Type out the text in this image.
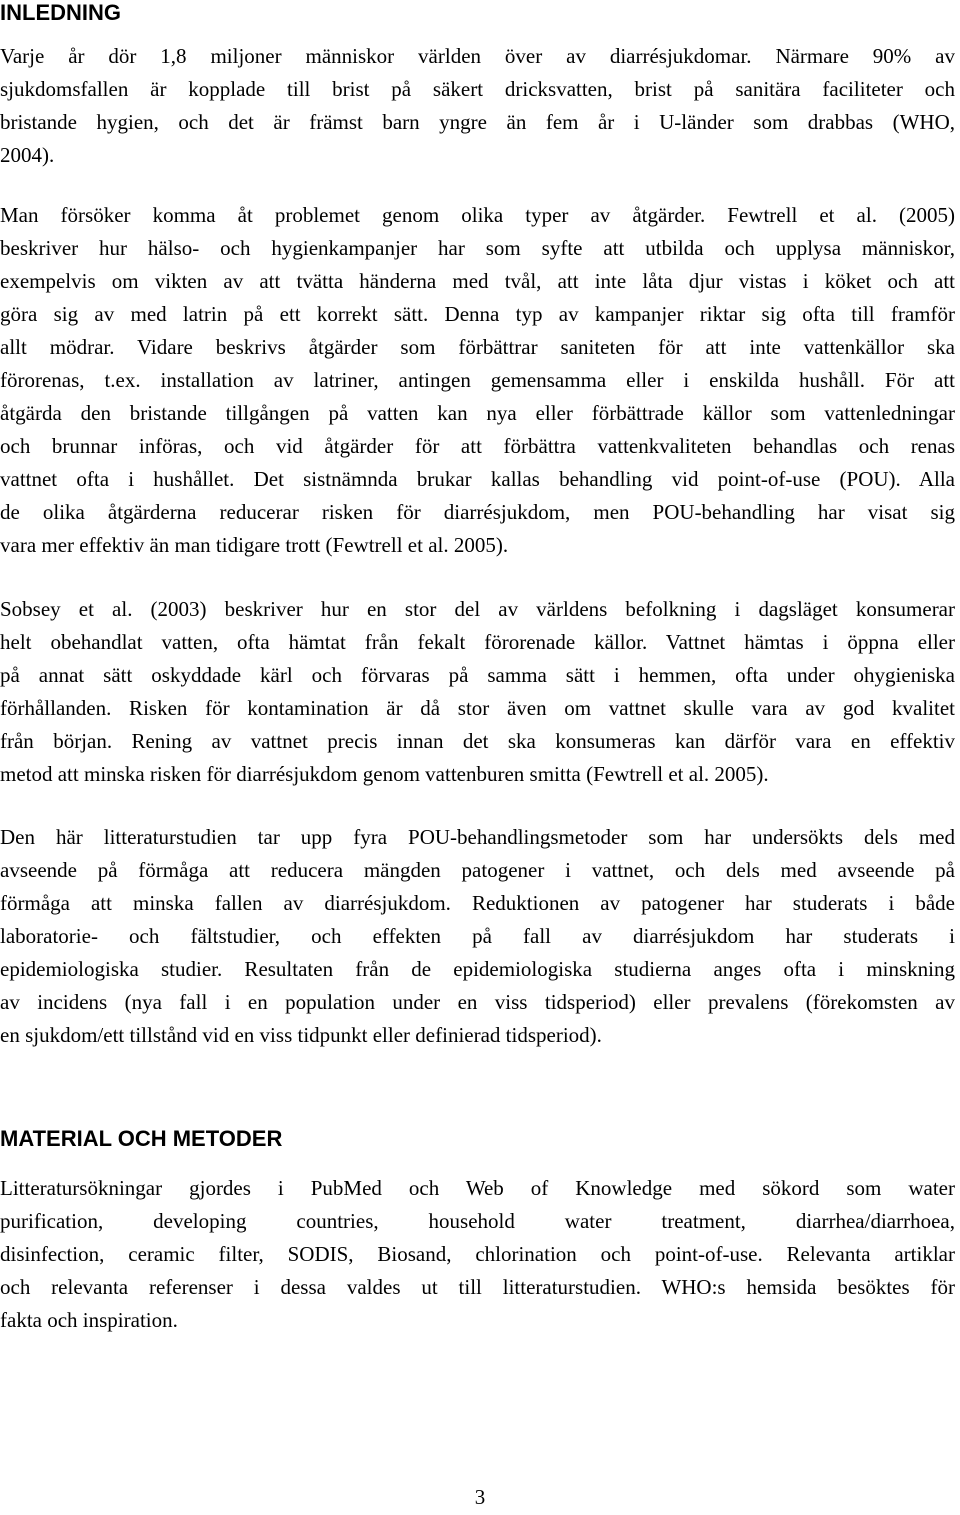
INLEDNING

Varje år dör 1,8 miljoner människor världen över av diarrésjukdomar. Närmare 90% av
sjukdomsfallen är kopplade till brist på säkert dricksvatten, brist på sanitära faciliteter och
bristande hygien, och det är främst barn yngre än fem år i U-länder som drabbas (WHO,
2004).

Man försöker komma åt problemet genom olika typer av åtgärder. Fewtrell et al. (2005)
beskriver hur hälso- och hygienkampanjer har som syfte att utbilda och upplysa människor,
exempelvis om vikten av att tvätta händerna med tvål, att inte låta djur vistas i köket och att
göra sig av med latrin på ett korrekt sätt. Denna typ av kampanjer riktar sig ofta till framför
allt mödrar. Vidare beskrivs åtgärder som förbättrar saniteten för att inte vattenkällor ska
förorenas, t.ex. installation av latriner, antingen gemensamma eller i enskilda hushåll. För att
åtgärda den bristande tillgången på vatten kan nya eller förbättrade källor som vattenledningar
och brunnar införas, och vid åtgärder för att förbättra vattenkvaliteten behandlas och renas
vattnet ofta i hushållet. Det sistnämnda brukar kallas behandling vid point-of-use (POU). Alla
de olika åtgärderna reducerar risken för diarrésjukdom, men POU-behandling har visat sig
vara mer effektiv än man tidigare trott (Fewtrell et al. 2005).

Sobsey et al. (2003) beskriver hur en stor del av världens befolkning i dagsläget konsumerar
helt obehandlat vatten, ofta hämtat från fekalt förorenade källor. Vattnet hämtas i öppna eller
på annat sätt oskyddade kärl och förvaras på samma sätt i hemmen, ofta under ohygieniska
förhållanden. Risken för kontamination är då stor även om vattnet skulle vara av god kvalitet
från början. Rening av vattnet precis innan det ska konsumeras kan därför vara en effektiv
metod att minska risken för diarrésjukdom genom vattenburen smitta (Fewtrell et al. 2005).

Den här litteraturstudien tar upp fyra POU-behandlingsmetoder som har undersökts dels med
avseende på förmåga att reducera mängden patogener i vattnet, och dels med avseende på
förmåga att minska fallen av diarrésjukdom. Reduktionen av patogener har studerats i både
laboratorie- och fältstudier, och effekten på fall av diarrésjukdom har studerats i
epidemiologiska studier. Resultaten från de epidemiologiska studierna anges ofta i minskning
av incidens (nya fall i en population under en viss tidsperiod) eller prevalens (förekomsten av
en sjukdom/ett tillstånd vid en viss tidpunkt eller definierad tidsperiod).

MATERIAL OCH METODER

Litteratursökningar gjordes i PubMed och Web of Knowledge med sökord som water
purification, developing countries, household water treatment, diarrhea/diarrhoea,
disinfection, ceramic filter, SODIS, Biosand, chlorination och point-of-use. Relevanta artiklar
och relevanta referenser i dessa valdes ut till litteraturstudien. WHO:s hemsida besöktes för
fakta och inspiration.

3
